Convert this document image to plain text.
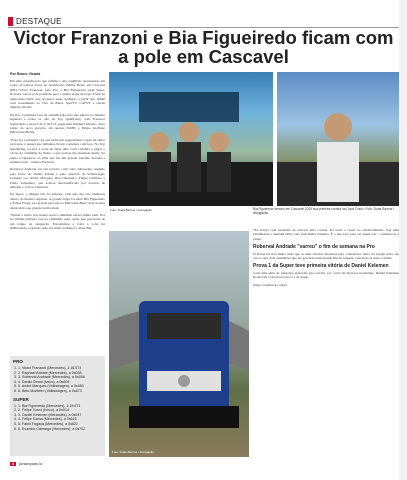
DESTAQUE
Victor Franzoni e Bia Figueiredo ficam com a pole em Cascavel
Por Bruno Vicaria

Em uma classificação que refletiu o alto equilíbrio apresentado em todos os treinos livres no Autódromo Zilmar Beux, em Cascavel (PR), Victor Franzoni, pela Pro, e Bia Figueiredo, pela Super, ficaram com as pole positions para a quinta etapa da Copa Truck na temporada 2025, que acontece neste domingo a partir das 10h40 com transmissão ao vivo da Band, SporTV, CATVE e canais digitais oficiais.

Na Pro, a primeira fase da classificação teve dez pilotos no mesmo segundo e todos os oito no Top Qualifying, com Franzoni registrando a marca de 1:18.574, superando Raphael Abbate, outro piloto da nova geração, em apenas 0s038, e Felipe Giaffone (Mercedes-Benz).

"Esse foi a primeira vez que tinha um espaçamento capaz de andar na frente, e pensei que tínhamos ficado contentes com isso. No Top Qualifying, eu tive a sorte de fazer uma volta redonda e pegar o vácuo do caminhão da frente, o que acabou me ajudando muito. Só tenho a agradecer ao time que fez um grande trabalho durante a semana toda", celebra Franzoni.

Roberval Andrade sai em terceiro com outro Mercedes, seguido pelo trator do Danilo Dirani e pelo quarteto da Volkswagen, formado por André Marques, Beto Monteiro, Felipe Giaffone e Paulo Salustiano, que acabou desclassificado por excesso de emissão e voltou à lanterna.

Na Super, a disputa não foi inferior, com seis dos oito melhores dentro do mesmo segundo. A grande briga foi entre Bia Figueiredo e Felipe Fraga, sua grande parceira na Mercedes-Benz, mas acabou destacando sua grande forma atual.

"Desde o início dos treinos nosso caminhão estava muito bem. Por ser minha primeira vez no caminhão aqui, sabia que precisaria de um tempo de adaptação. Encaixamos e volta a volta fui melhorando, pegando cada vez mais confiança", disse Bia.

Foto: Duda Bairros / divulgação	Bia Figueiredo venceu em Cascavel 2025 sua primeira corrida na Copa Truck • Foto: Duda Bairros / divulgação
Foto: Duda Bairros / divulgação

"Eu estava com saudades de renovar uma corrida. Eu nasci e cresci no automobilismo. Sou uma batalhadora e nenhum título veio sem muito trabalho. É o que faço para ser quem sou", comemorou a piloto.

Roberval Andrade "varreu" o fim de semana na Pro

Já Roberval teve muito mais que as duas vitórias absolutas para comemorar. Ouro da equipe ASG, ele viu os seus dois caminhões que ele gerencia num grande fim de semana, vencendo as duas corridas.

Prova 1 da Super teve primeira vitória de Daniel Kelemen

Com uma série de punições aplicadas pós-corrida, por conta de diversos incidentes, Daniel Kelemen ficou com a vitória na prova 1 da Super.

https://copatruck.com.br

PRO
1. 1. Victor Franzoni (Mercedes), 1:18.574
2. 2. Raphael Abbate (Mercedes), a 0s038
3. 3. Roberval Andrade (Mercedes), a 0s098
4. 4. Danilo Dirani (Iveco), a 0s609
5. 5. André Marques (Volkswagen), a 0s650
6. 6. Beto Monteiro (Volkswagen), a 0s673
SUPER
1. 1. Bia Figueiredo (Mercedes), 1:19.671
2. 2. Felipe Tozzo (Iveco), a 0s014
3. 3. Daniel Kelemen (Mercedes), a 0s547
4. 4. Felipe Gama (Mercedes), a 0s616
5. 5. Fabio Fogaça (Mercedes), a 0s622
6. 6. Evandro Camargo (Mercedes), a 0s702
4	jornalmpacto.ia
